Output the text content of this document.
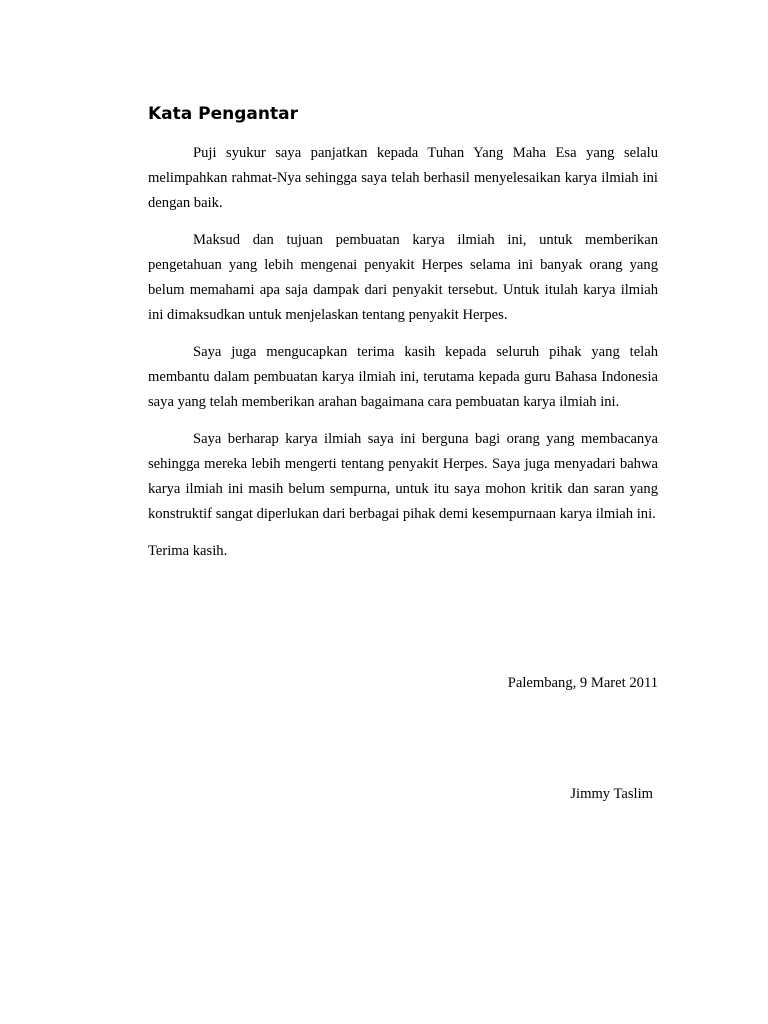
Kata Pengantar

Puji syukur saya panjatkan kepada Tuhan Yang Maha Esa yang selalu melimpahkan rahmat-Nya sehingga saya telah berhasil menyelesaikan karya ilmiah ini dengan baik.

Maksud dan tujuan pembuatan karya ilmiah ini, untuk memberikan pengetahuan yang lebih mengenai penyakit Herpes selama ini banyak orang yang belum memahami apa saja dampak dari penyakit tersebut. Untuk itulah karya ilmiah ini dimaksudkan untuk menjelaskan tentang penyakit Herpes.

Saya juga mengucapkan terima kasih kepada seluruh pihak yang telah membantu dalam pembuatan karya ilmiah ini, terutama kepada guru Bahasa Indonesia saya yang telah memberikan arahan bagaimana cara pembuatan karya ilmiah ini.

Saya berharap karya ilmiah saya ini berguna bagi orang yang membacanya sehingga mereka lebih mengerti tentang penyakit Herpes. Saya juga menyadari bahwa karya ilmiah ini masih belum sempurna, untuk itu saya mohon kritik dan saran yang konstruktif sangat diperlukan dari berbagai pihak demi kesempurnaan karya ilmiah ini.

Terima kasih.

Palembang, 9 Maret 2011

Jimmy Taslim
